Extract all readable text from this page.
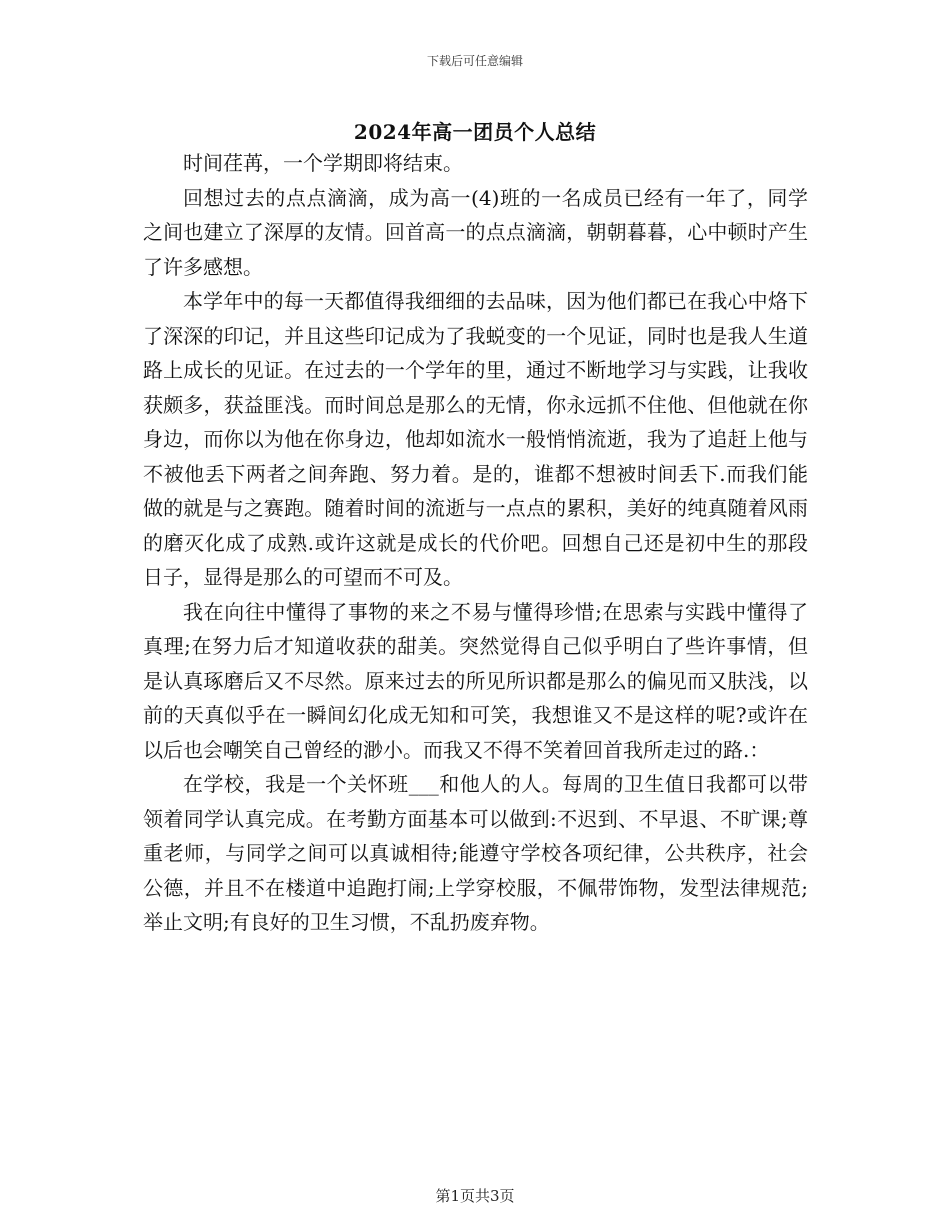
下载后可任意编辑
2024年高一团员个人总结

时间荏苒，一个学期即将结束。

回想过去的点点滴滴，成为高一(4)班的一名成员已经有一年了，同学之间也建立了深厚的友情。回首高一的点点滴滴，朝朝暮暮，心中顿时产生了许多感想。

本学年中的每一天都值得我细细的去品味，因为他们都已在我心中烙下了深深的印记，并且这些印记成为了我蜕变的一个见证，同时也是我人生道路上成长的见证。在过去的一个学年的里，通过不断地学习与实践，让我收获颇多，获益匪浅。而时间总是那么的无情，你永远抓不住他、但他就在你身边，而你以为他在你身边，他却如流水一般悄悄流逝，我为了追赶上他与不被他丢下两者之间奔跑、努力着。是的，谁都不想被时间丢下.而我们能做的就是与之赛跑。随着时间的流逝与一点点的累积，美好的纯真随着风雨的磨灭化成了成熟.或许这就是成长的代价吧。回想自己还是初中生的那段日子，显得是那么的可望而不可及。

我在向往中懂得了事物的来之不易与懂得珍惜;在思索与实践中懂得了真理;在努力后才知道收获的甜美。突然觉得自己似乎明白了些许事情，但是认真琢磨后又不尽然。原来过去的所见所识都是那么的偏见而又肤浅，以前的天真似乎在一瞬间幻化成无知和可笑，我想谁又不是这样的呢?或许在以后也会嘲笑自己曾经的渺小。而我又不得不笑着回首我所走过的路.：

在学校，我是一个关怀班___和他人的人。每周的卫生值日我都可以带领着同学认真完成。在考勤方面基本可以做到:不迟到、不早退、不旷课;尊重老师，与同学之间可以真诚相待;能遵守学校各项纪律，公共秩序，社会公德，并且不在楼道中追跑打闹;上学穿校服，不佩带饰物，发型法律规范;举止文明;有良好的卫生习惯，不乱扔废弃物。

第1页共3页
